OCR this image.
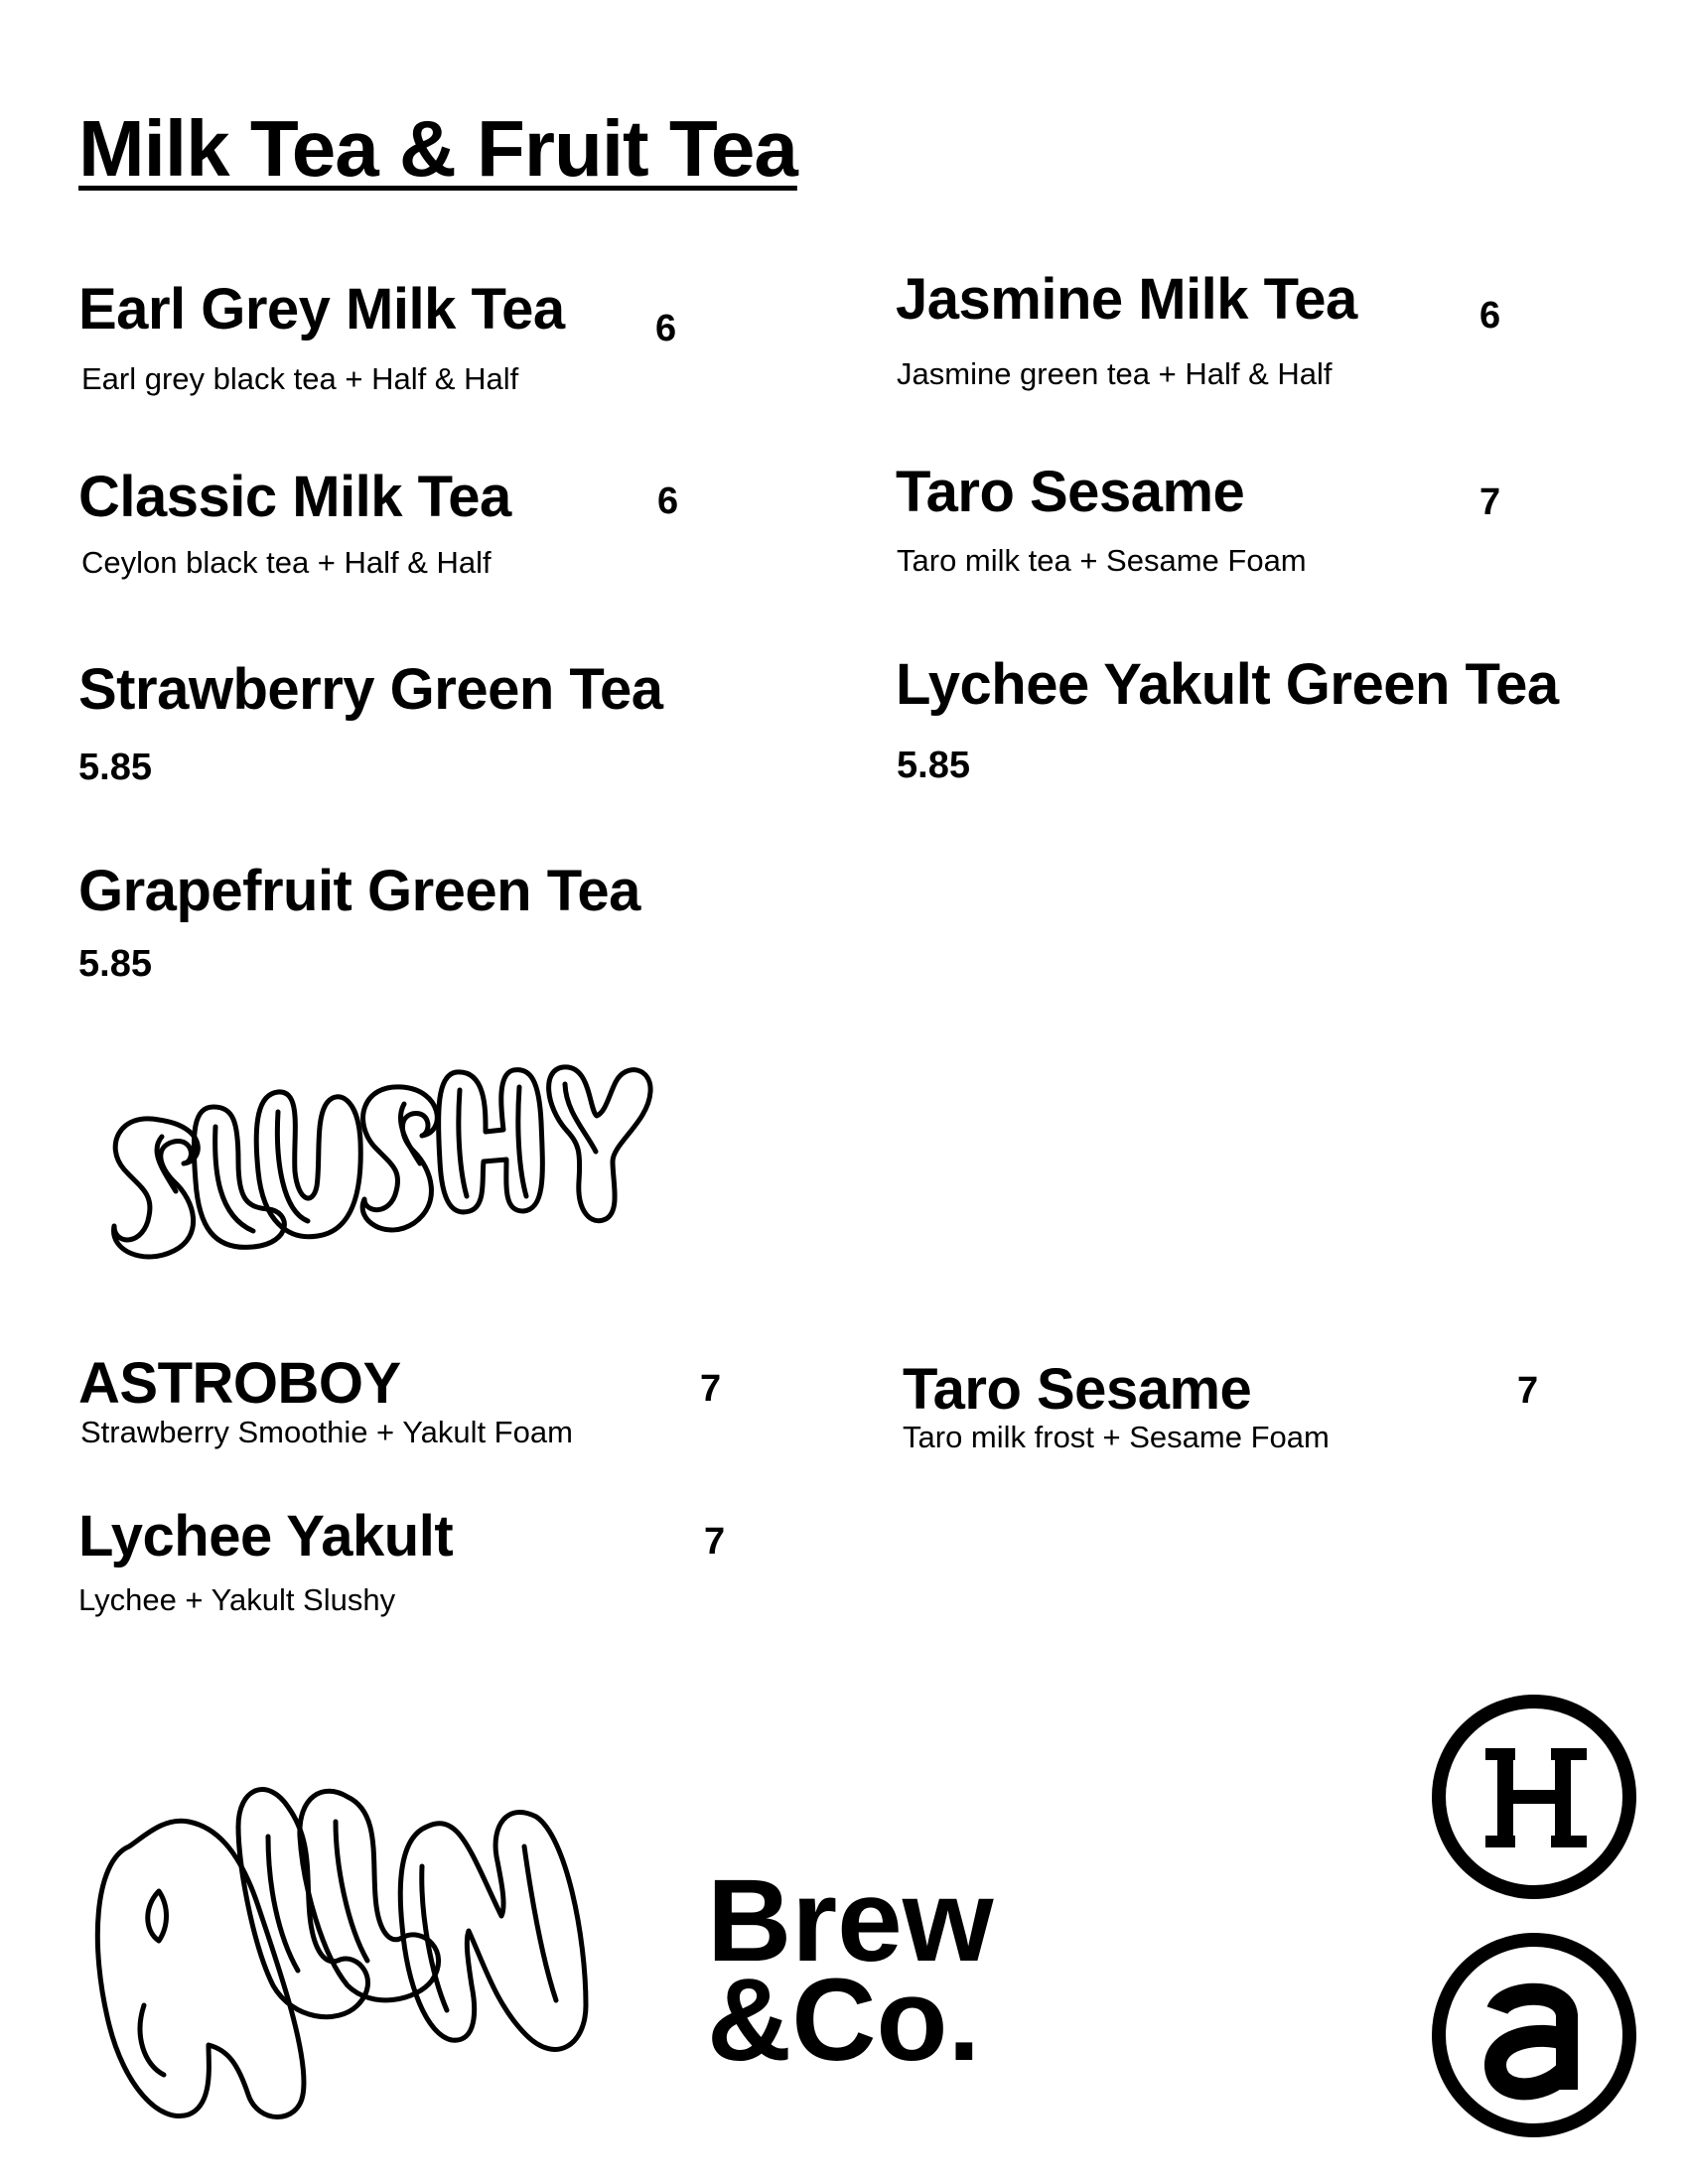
Milk Tea & Fruit Tea
Earl Grey Milk Tea 6
Earl grey black tea + Half & Half
Jasmine Milk Tea	6
Jasmine green tea + Half & Half
Classic Milk Tea	6
Ceylon black tea + Half & Half
Taro Sesame	7
Taro milk tea + Sesame Foam
Strawberry Green Tea
5.85
Lychee Yakult Green Tea
5.85
Grapefruit Green Tea
5.85
ASTROBOY	7
Strawberry Smoothie + Yakult Foam
Taro Sesame	7
Taro milk frost + Sesame Foam
Lychee Yakult	7
Lychee + Yakult Slushy
Brew
&Co.
